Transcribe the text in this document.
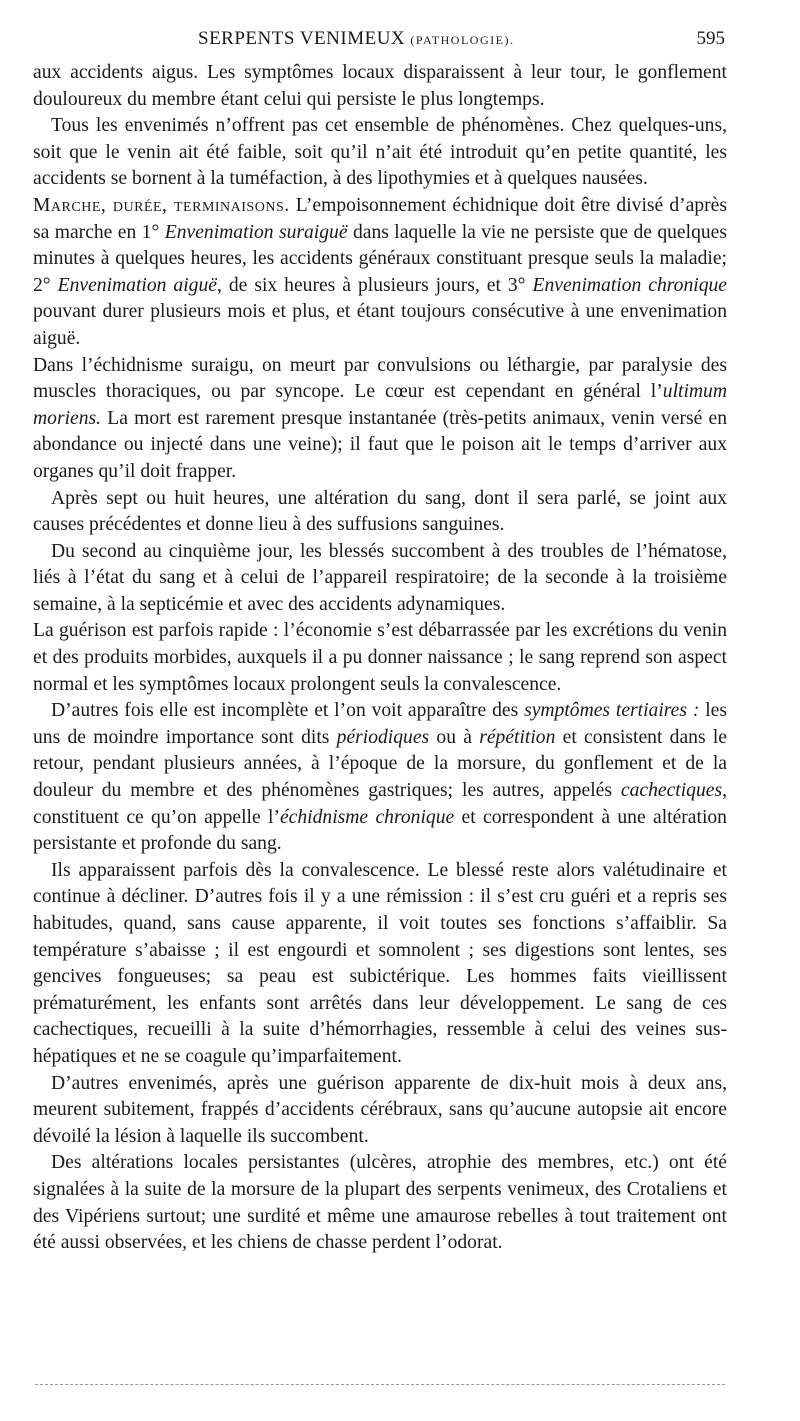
SERPENTS VENIMEUX (PATHOLOGIE).	595

aux accidents aigus. Les symptômes locaux disparaissent à leur tour, le gonflement douloureux du membre étant celui qui persiste le plus longtemps.

Tous les envenimés n’offrent pas cet ensemble de phénomènes. Chez quelques-uns, soit que le venin ait été faible, soit qu’il n’ait été introduit qu’en petite quantité, les accidents se bornent à la tuméfaction, à des lipothymies et à quelques nausées.

Marche, durée, terminaisons. L’empoisonnement échidnique doit être divisé d’après sa marche en 1° Envenimation suraiguë dans laquelle la vie ne persiste que de quelques minutes à quelques heures, les accidents généraux constituant presque seuls la maladie; 2° Envenimation aiguë, de six heures à plusieurs jours, et 3° Envenimation chronique pouvant durer plusieurs mois et plus, et étant toujours consécutive à une envenimation aiguë.

Dans l’échidnisme suraigu, on meurt par convulsions ou léthargie, par paralysie des muscles thoraciques, ou par syncope. Le cœur est cependant en général l’ultimum moriens. La mort est rarement presque instantanée (très-petits animaux, venin versé en abondance ou injecté dans une veine); il faut que le poison ait le temps d’arriver aux organes qu’il doit frapper.

Après sept ou huit heures, une altération du sang, dont il sera parlé, se joint aux causes précédentes et donne lieu à des suffusions sanguines.

Du second au cinquième jour, les blessés succombent à des troubles de l’hématose, liés à l’état du sang et à celui de l’appareil respiratoire; de la seconde à la troisième semaine, à la septicémie et avec des accidents adynamiques.

La guérison est parfois rapide : l’économie s’est débarrassée par les excrétions du venin et des produits morbides, auxquels il a pu donner naissance ; le sang reprend son aspect normal et les symptômes locaux prolongent seuls la convalescence.

D’autres fois elle est incomplète et l’on voit apparaître des symptômes tertiaires : les uns de moindre importance sont dits périodiques ou à répétition et consistent dans le retour, pendant plusieurs années, à l’époque de la morsure, du gonflement et de la douleur du membre et des phénomènes gastriques; les autres, appelés cachectiques, constituent ce qu’on appelle l’échidnisme chronique et correspondent à une altération persistante et profonde du sang.

Ils apparaissent parfois dès la convalescence. Le blessé reste alors valétudinaire et continue à décliner. D’autres fois il y a une rémission : il s’est cru guéri et a repris ses habitudes, quand, sans cause apparente, il voit toutes ses fonctions s’affaiblir. Sa température s’abaisse ; il est engourdi et somnolent ; ses digestions sont lentes, ses gencives fongueuses; sa peau est subictérique. Les hommes faits vieillissent prématurément, les enfants sont arrêtés dans leur développement. Le sang de ces cachectiques, recueilli à la suite d’hémorrhagies, ressemble à celui des veines sus-hépatiques et ne se coagule qu’imparfaitement.

D’autres envenimés, après une guérison apparente de dix-huit mois à deux ans, meurent subitement, frappés d’accidents cérébraux, sans qu’aucune autopsie ait encore dévoilé la lésion à laquelle ils succombent.

Des altérations locales persistantes (ulcères, atrophie des membres, etc.) ont été signalées à la suite de la morsure de la plupart des serpents venimeux, des Crotaliens et des Vipériens surtout; une surdité et même une amaurose rebelles à tout traitement ont été aussi observées, et les chiens de chasse perdent l’odorat.
